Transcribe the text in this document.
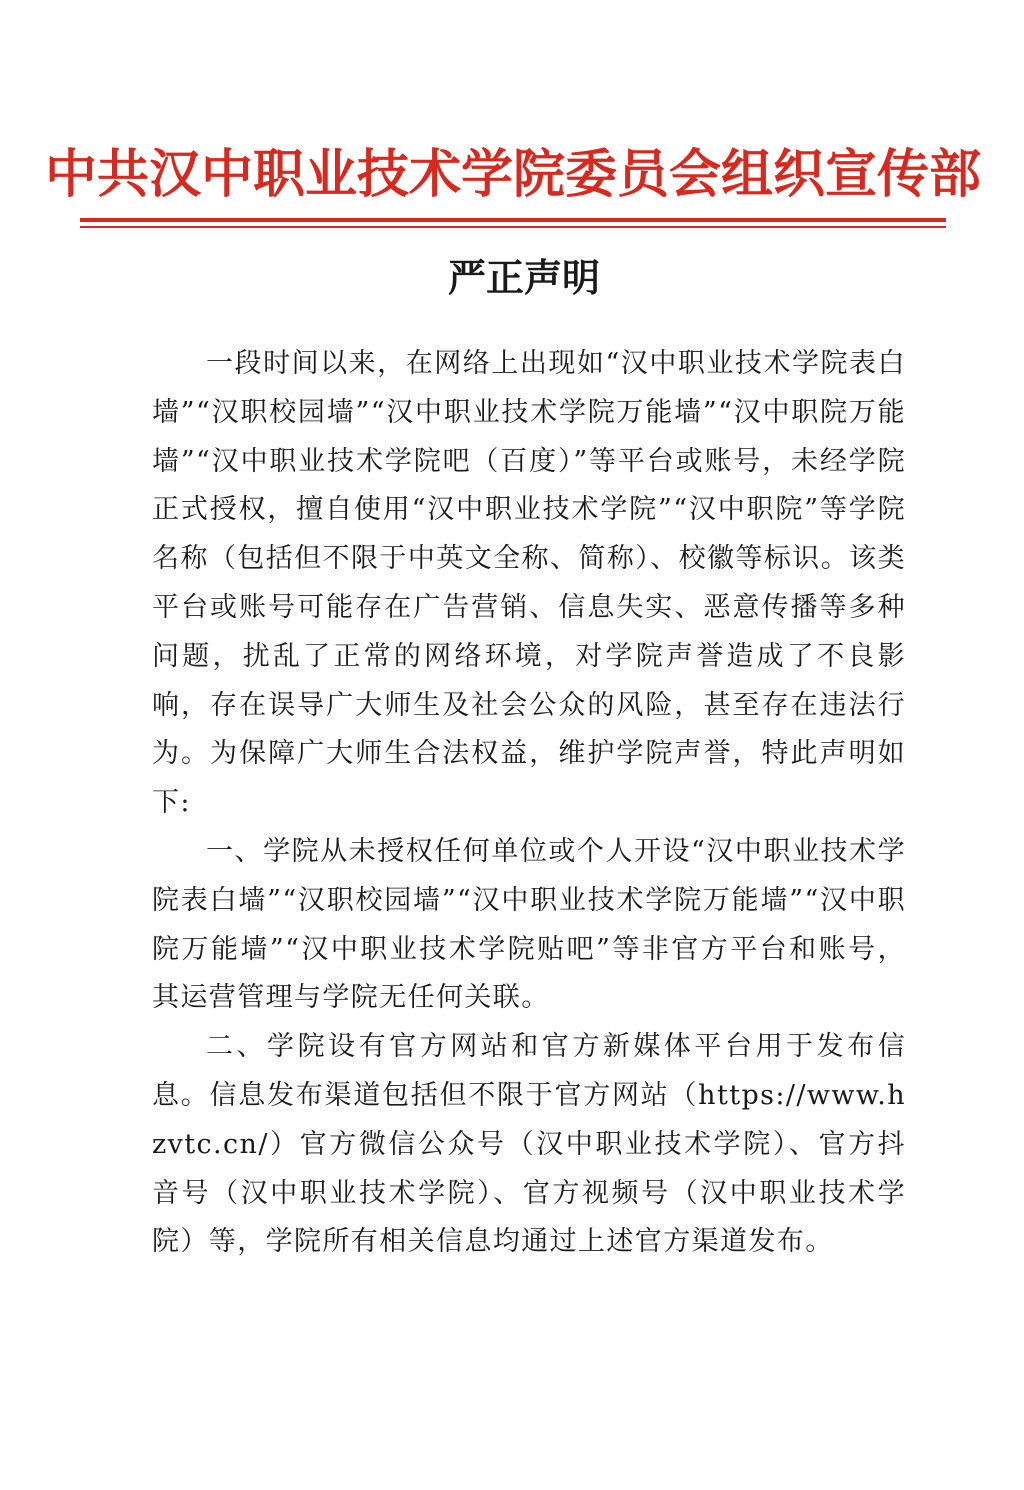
中共汉中职业技术学院委员会组织宣传部
严正声明

一段时间以来，在网络上出现如“汉中职业技术学院表白墙”“汉职校园墙”“汉中职业技术学院万能墙”“汉中职院万能墙”“汉中职业技术学院吧（百度）”等平台或账号，未经学院正式授权，擅自使用“汉中职业技术学院”“汉中职院”等学院名称（包括但不限于中英文全称、简称）、校徽等标识。该类平台或账号可能存在广告营销、信息失实、恶意传播等多种问题，扰乱了正常的网络环境，对学院声誉造成了不良影响，存在误导广大师生及社会公众的风险，甚至存在违法行为。为保障广大师生合法权益，维护学院声誉，特此声明如下:

一、学院从未授权任何单位或个人开设“汉中职业技术学院表白墙”“汉职校园墙”“汉中职业技术学院万能墙”“汉中职院万能墙”“汉中职业技术学院贴吧”等非官方平台和账号，其运营管理与学院无任何关联。

二、学院设有官方网站和官方新媒体平台用于发布信息。信息发布渠道包括但不限于官方网站（https://www.hzvtc.cn/）官方微信公众号（汉中职业技术学院）、官方抖音号（汉中职业技术学院）、官方视频号（汉中职业技术学院）等，学院所有相关信息均通过上述官方渠道发布。
